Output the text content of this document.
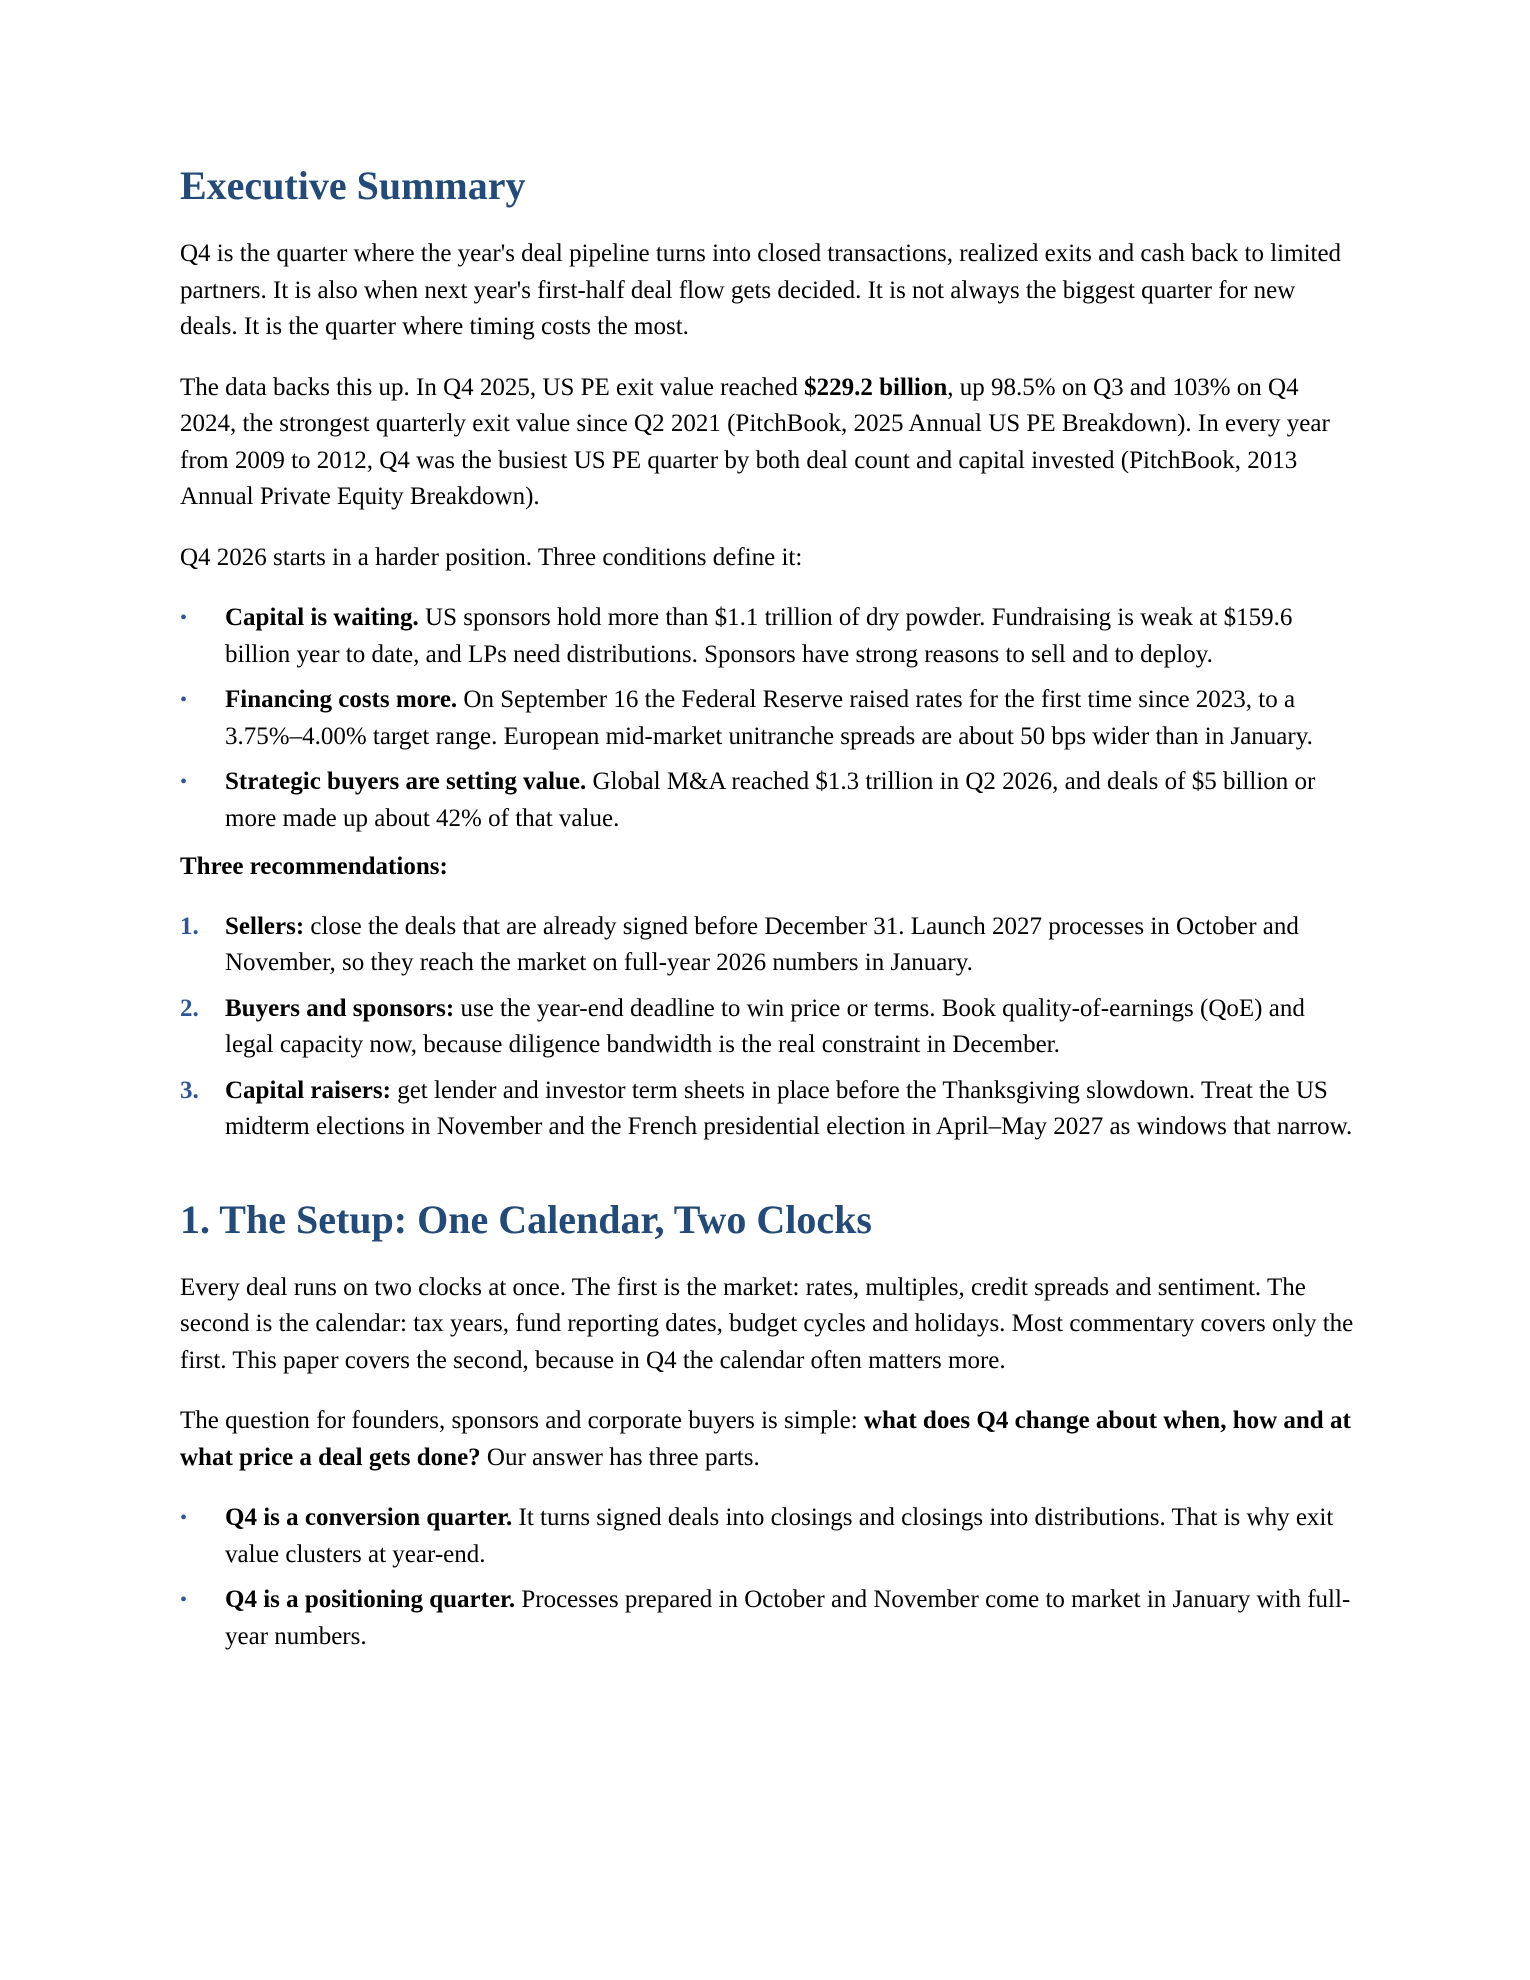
Executive Summary

Q4 is the quarter where the year's deal pipeline turns into closed transactions, realized exits and cash back to limited partners. It is also when next year's first-half deal flow gets decided. It is not always the biggest quarter for new deals. It is the quarter where timing costs the most.

The data backs this up. In Q4 2025, US PE exit value reached $229.2 billion, up 98.5% on Q3 and 103% on Q4 2024, the strongest quarterly exit value since Q2 2021 (PitchBook, 2025 Annual US PE Breakdown). In every year from 2009 to 2012, Q4 was the busiest US PE quarter by both deal count and capital invested (PitchBook, 2013 Annual Private Equity Breakdown).

Q4 2026 starts in a harder position. Three conditions define it:

•	Capital is waiting. US sponsors hold more than $1.1 trillion of dry powder. Fundraising is weak at $159.6 billion year to date, and LPs need distributions. Sponsors have strong reasons to sell and to deploy.
•	Financing costs more. On September 16 the Federal Reserve raised rates for the first time since 2023, to a 3.75%–4.00% target range. European mid-market unitranche spreads are about 50 bps wider than in January.
•	Strategic buyers are setting value. Global M&A reached $1.3 trillion in Q2 2026, and deals of $5 billion or more made up about 42% of that value.

Three recommendations:

1. Sellers: close the deals that are already signed before December 31. Launch 2027 processes in October and November, so they reach the market on full-year 2026 numbers in January.
2. Buyers and sponsors: use the year-end deadline to win price or terms. Book quality-of-earnings (QoE) and legal capacity now, because diligence bandwidth is the real constraint in December.
3. Capital raisers: get lender and investor term sheets in place before the Thanksgiving slowdown. Treat the US midterm elections in November and the French presidential election in April–May 2027 as windows that narrow.
1. The Setup: One Calendar, Two Clocks

Every deal runs on two clocks at once. The first is the market: rates, multiples, credit spreads and sentiment. The second is the calendar: tax years, fund reporting dates, budget cycles and holidays. Most commentary covers only the first. This paper covers the second, because in Q4 the calendar often matters more.

The question for founders, sponsors and corporate buyers is simple: what does Q4 change about when, how and at what price a deal gets done? Our answer has three parts.

•	Q4 is a conversion quarter. It turns signed deals into closings and closings into distributions. That is why exit value clusters at year-end.
•	Q4 is a positioning quarter. Processes prepared in October and November come to market in January with full-year numbers.
